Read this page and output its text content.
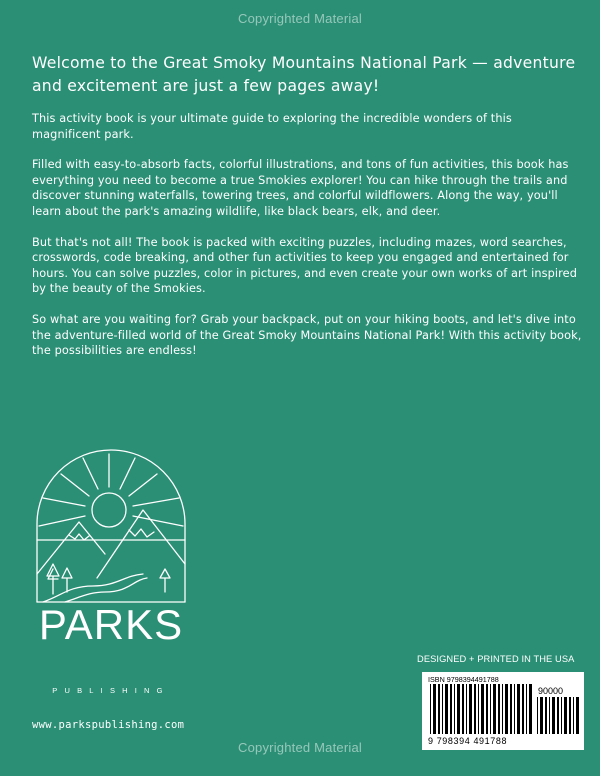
Copyrighted Material
Welcome to the Great Smoky Mountains National Park — adventure and excitement are just a few pages away!

This activity book is your ultimate guide to exploring the incredible wonders of this magnificent park.

Filled with easy-to-absorb facts, colorful illustrations, and tons of fun activities, this book has everything you need to become a true Smokies explorer! You can hike through the trails and discover stunning waterfalls, towering trees, and colorful wildflowers. Along the way, you'll learn about the park's amazing wildlife, like black bears, elk, and deer.

But that's not all! The book is packed with exciting puzzles, including mazes, word searches, crosswords, code breaking, and other fun activities to keep you engaged and entertained for hours. You can solve puzzles, color in pictures, and even create your own works of art inspired by the beauty of the Smokies.

So what are you waiting for? Grab your backpack, put on your hiking boots, and let's dive into the adventure-filled world of the Great Smoky Mountains National Park! With this activity book, the possibilities are endless!

PARKS
PUBLISHING
www.parkspublishing.com
DESIGNED + PRINTED IN THE USA
ISBN 9798394491788
90000
9 798394 491788
Copyrighted Material
